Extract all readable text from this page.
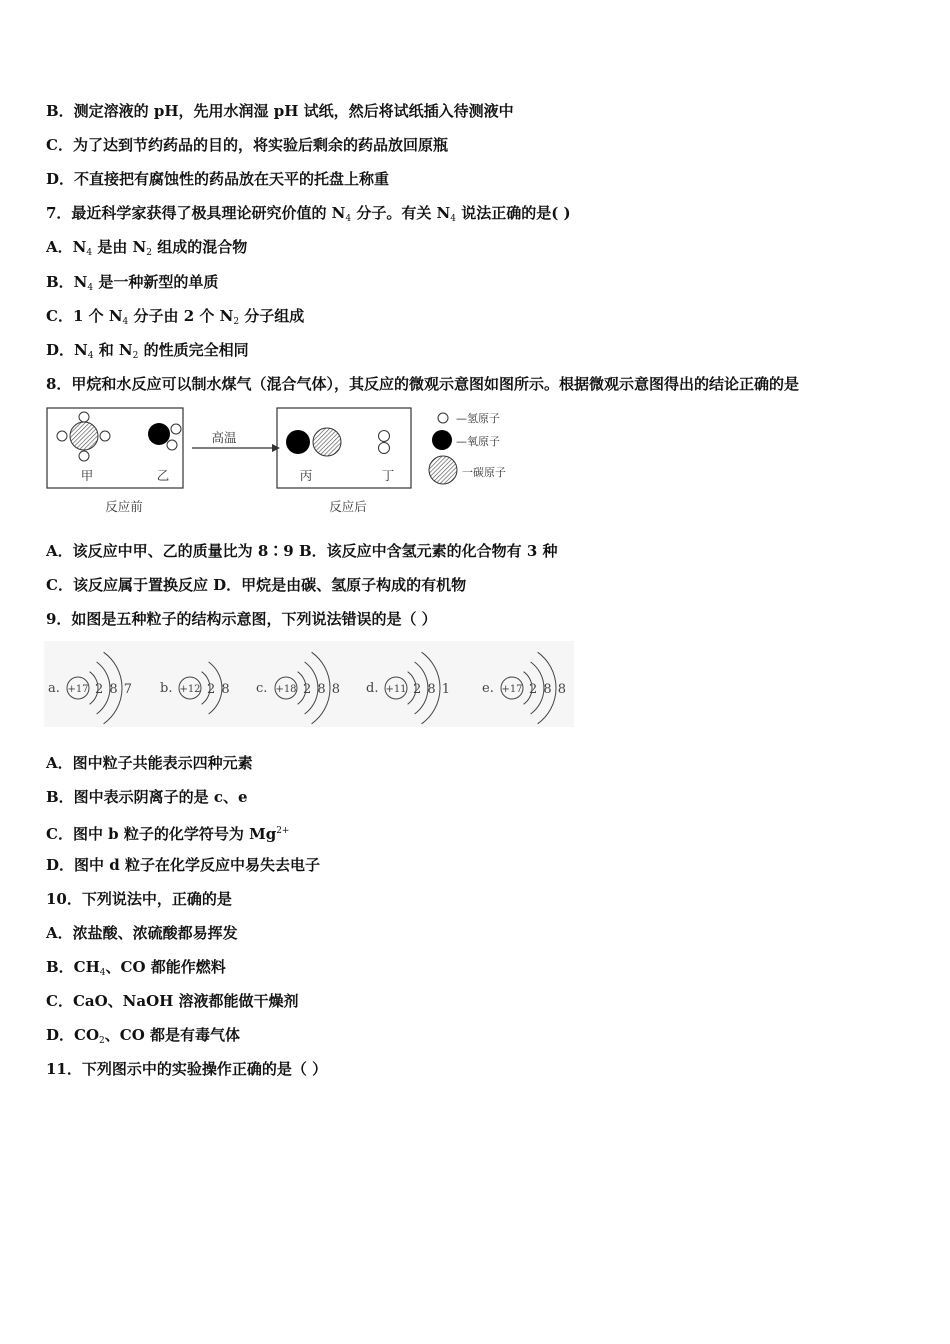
B．测定溶液的 pH，先用水润湿 pH 试纸，然后将试纸插入待测液中
C．为了达到节约药品的目的，将实验后剩余的药品放回原瓶
D．不直接把有腐蚀性的药品放在天平的托盘上称重
7．最近科学家获得了极具理论研究价值的 $N_4$ 分子。有关 $N_4$ 说法正确的是( )
A．$N_4$ 是由 $N_2$ 组成的混合物
B．$N_4$ 是一种新型的单质
C．1 个 $N_4$ 分子由 2 个 $N_2$ 分子组成
D．$N_4$ 和 $N_2$ 的性质完全相同
8．甲烷和水反应可以制水煤气（混合气体），其反应的微观示意图如图所示。根据微观示意图得出的结论正确的是
甲	乙
反应前
高温
丙	丁
反应后
—氢原子
—氧原子
一碳原子
A．该反应中甲、乙的质量比为 8∶9 B．该反应中含氢元素的化合物有 3 种
C．该反应属于置换反应 D．甲烷是由碳、氢原子构成的有机物
9．如图是五种粒子的结构示意图，下列说法错误的是（ ）
a. +17 2 8 7 b. +12 2 8 c. +18 2 8 8 d. +11 2 8 1 e. +17 2 8 8
A．图中粒子共能表示四种元素
B．图中表示阴离子的是 c、e
C．图中 b 粒子的化学符号为 $Mg^{2+}$
D．图中 d 粒子在化学反应中易失去电子
10．下列说法中，正确的是
A．浓盐酸、浓硫酸都易挥发
B．$CH_4$、CO 都能作燃料
C．CaO、NaOH 溶液都能做干燥剂
D．$CO_2$、CO 都是有毒气体
11．下列图示中的实验操作正确的是（ ）
